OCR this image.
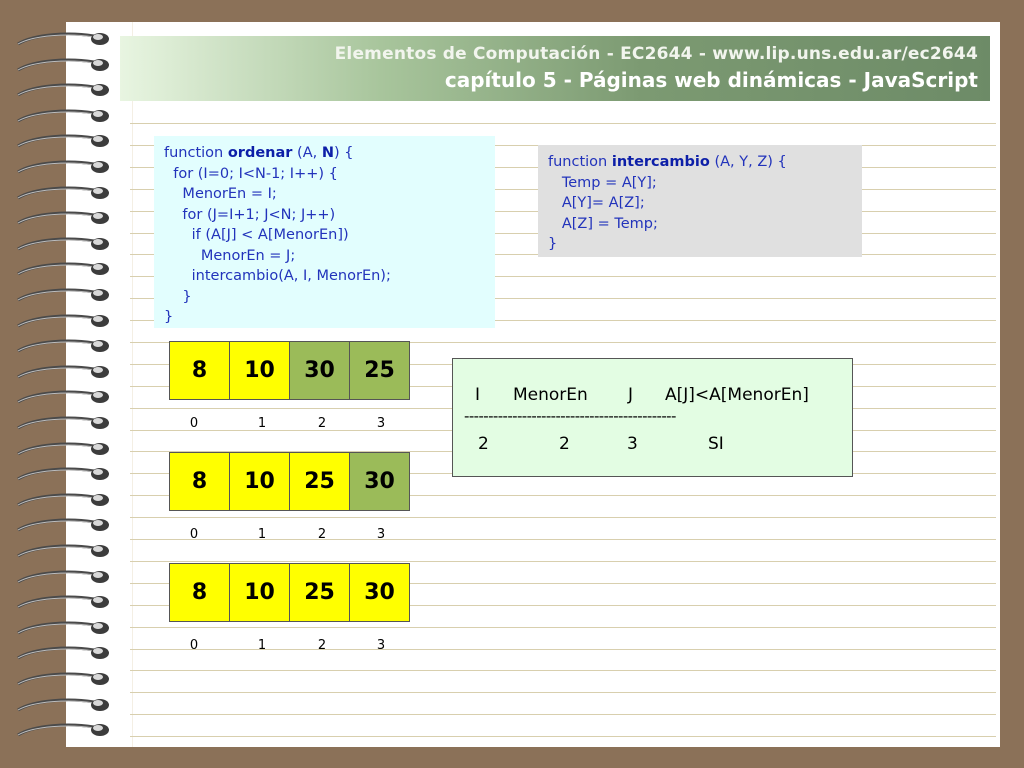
Elementos de Computación - EC2644 - www.lip.uns.edu.ar/ec2644
capítulo 5 - Páginas web dinámicas - JavaScript
function ordenar (A, N) {
for (I=0; I<N-1; I++) {
MenorEn = I;
for (J=I+1; J<N; J++)
if (A[J] < A[MenorEn])
MenorEn = J;
intercambio(A, I, MenorEn);
}
}
function intercambio (A, Y, Z) {
Temp = A[Y];
A[Y]= A[Z];
A[Z] = Temp;
}
8	10	30	25
0	1	2	3
8	10	25	30
0	1	2	3
8	10	25	30
0	1	2	3
I MenorEn J A[J]<A[MenorEn]
--------------------------------------------
2	2	3	SI
